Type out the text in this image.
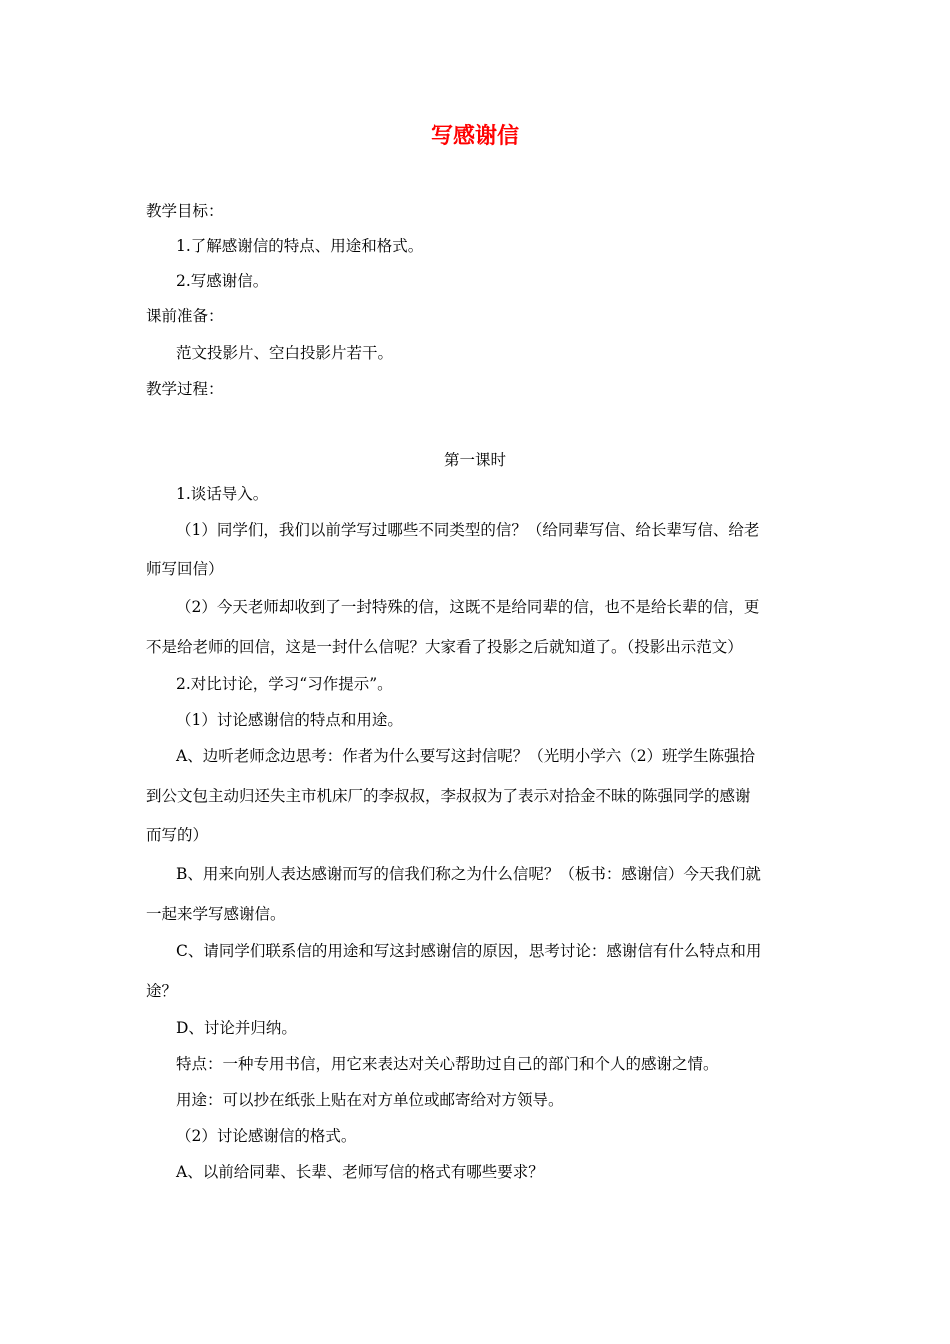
写感谢信
教学目标：
1.了解感谢信的特点、用途和格式。
2.写感谢信。
课前准备：
范文投影片、空白投影片若干。
教学过程：
第一课时
1.谈话导入。
（1）同学们，我们以前学写过哪些不同类型的信？（给同辈写信、给长辈写信、给老
师写回信）
（2）今天老师却收到了一封特殊的信，这既不是给同辈的信，也不是给长辈的信，更
不是给老师的回信，这是一封什么信呢？大家看了投影之后就知道了。（投影出示范文）
2.对比讨论，学习“习作提示”。
（1）讨论感谢信的特点和用途。
A、边听老师念边思考：作者为什么要写这封信呢？（光明小学六（2）班学生陈强拾
到公文包主动归还失主市机床厂的李叔叔，李叔叔为了表示对拾金不昧的陈强同学的感谢
而写的）
B、用来向别人表达感谢而写的信我们称之为什么信呢？（板书：感谢信）今天我们就
一起来学写感谢信。
C、请同学们联系信的用途和写这封感谢信的原因，思考讨论：感谢信有什么特点和用
途？
D、讨论并归纳。
特点：一种专用书信，用它来表达对关心帮助过自己的部门和个人的感谢之情。
用途：可以抄在纸张上贴在对方单位或邮寄给对方领导。
（2）讨论感谢信的格式。
A、以前给同辈、长辈、老师写信的格式有哪些要求？
